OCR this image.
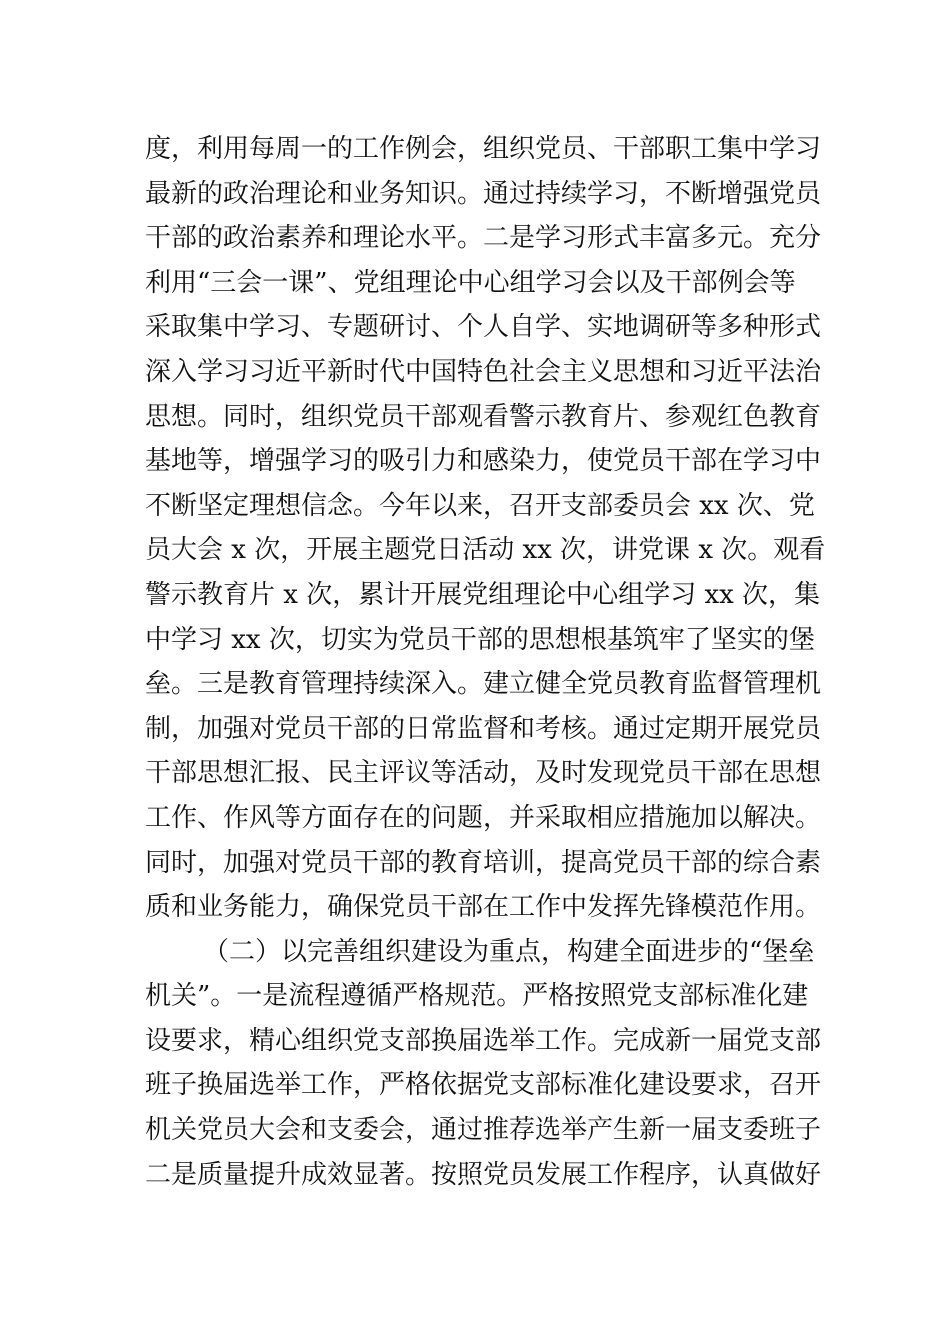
度，利用每周一的工作例会，组织党员、干部职工集中学习
最新的政治理论和业务知识。通过持续学习，不断增强党员
干部的政治素养和理论水平。二是学习形式丰富多元。充分
利用“三会一课”、党组理论中心组学习会以及干部例会等
采取集中学习、专题研讨、个人自学、实地调研等多种形式
深入学习习近平新时代中国特色社会主义思想和习近平法治
思想。同时，组织党员干部观看警示教育片、参观红色教育
基地等，增强学习的吸引力和感染力，使党员干部在学习中
不断坚定理想信念。今年以来，召开支部委员会 xx 次、党
员大会 x 次，开展主题党日活动 xx 次，讲党课 x 次。观看
警示教育片 x 次，累计开展党组理论中心组学习 xx 次，集
中学习 xx 次，切实为党员干部的思想根基筑牢了坚实的堡
垒。三是教育管理持续深入。建立健全党员教育监督管理机
制，加强对党员干部的日常监督和考核。通过定期开展党员
干部思想汇报、民主评议等活动，及时发现党员干部在思想
工作、作风等方面存在的问题，并采取相应措施加以解决。
同时，加强对党员干部的教育培训，提高党员干部的综合素
质和业务能力，确保党员干部在工作中发挥先锋模范作用。
（二）以完善组织建设为重点，构建全面进步的“堡垒
机关”。一是流程遵循严格规范。严格按照党支部标准化建
设要求，精心组织党支部换届选举工作。完成新一届党支部
班子换届选举工作，严格依据党支部标准化建设要求，召开
机关党员大会和支委会，通过推荐选举产生新一届支委班子
二是质量提升成效显著。按照党员发展工作程序，认真做好
